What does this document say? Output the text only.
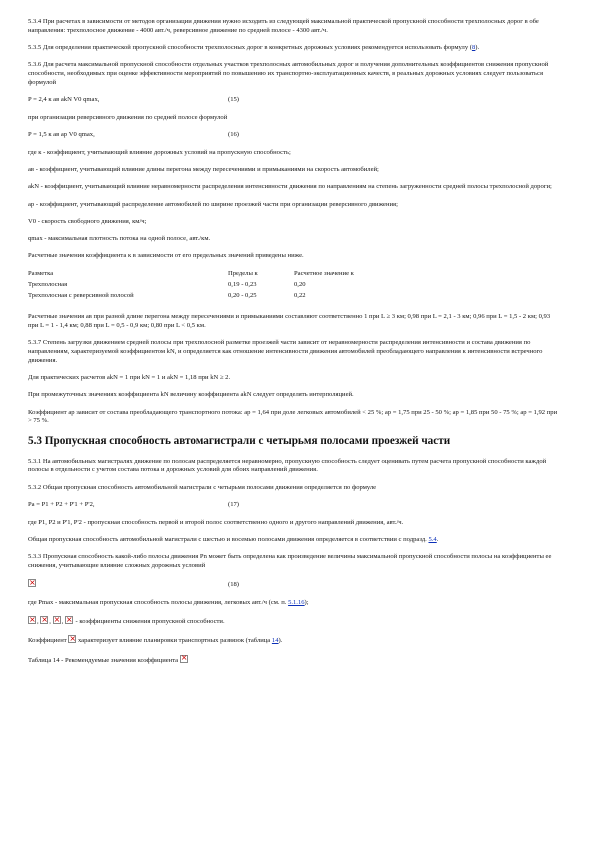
5.3.4 При расчетах в зависимости от методов организации движения нужно исходить из следующей максимальной практической пропускной способности трехполосных дорог в обе направления: трехполосное движение - 4000 авт./ч, реверсивное движение по средней полосе - 4300 авт./ч.

5.3.5 Для определения практической пропускной способности трехполосных дорог в конкретных дорожных условиях рекомендуется использовать формулу (8).

5.3.6 Для расчета максимальной пропускной способности отдельных участков трехполосных автомобильных дорог и получения дополнительных коэффициентов снижения пропускной способности, необходимых при оценке эффективности мероприятий по повышению их транспортно-эксплуатационных качеств, в реальных дорожных условиях следует пользоваться формулой

P = 2,4 к ав аkN V0 qmax,	(15)

при организации реверсивного движения по средней полосе формулой

P = 1,5 к ав ар V0 qmax,	(16)

где к - коэффициент, учитывающий влияние дорожных условий на пропускную способность;

ав - коэффициент, учитывающий влияние длины перегона между пересечениями и примыканиями на скорость автомобилей;

аkN - коэффициент, учитывающий влияние неравномерности распределения интенсивности движения по направлениям на степень загруженности средней полосы трехполосной дороги;

ар - коэффициент, учитывающий распределение автомобилей по ширине проезжей части при организации реверсивного движения;

V0 - скорость свободного движения, км/ч;

qmax - максимальная плотность потока на одной полосе, авт./км.

Расчетные значения коэффициента к в зависимости от его предельных значений приведены ниже.

Разметка	Пределы к	Расчетное значение к
Трехполосная	0,19 - 0,23	0,20
Трехполосная с реверсивной полосой	0,20 - 0,25	0,22

Расчетные значения ав при разной длине перегона между пересечениями и примыканиями составляют соответственно 1 при L ≥ 3 км; 0,98 при L = 2,1 - 3 км; 0,96 при L = 1,5 - 2 км; 0,93 при L = 1 - 1,4 км; 0,88 при L = 0,5 - 0,9 км; 0,80 при L < 0,5 км.

5.3.7 Степень загрузки движением средней полосы при трехполосной разметке проезжей части зависит от неравномерности распределения интенсивности и состава движения по направлениям, характеризуемой коэффициентом kN, и определяется как отношение интенсивности движения автомобилей преобладающего направления к интенсивности встречного движения.

Для практических расчетов аkN = 1 при kN = 1 и аkN = 1,18 при kN ≥ 2.

При промежуточных значениях коэффициента kN величину коэффициента аkN следует определять интерполяцией.

Коэффициент ар зависит от состава преобладающего транспортного потока: ар = 1,64 при доле легковых автомобилей < 25 %; ар = 1,75 при 25 - 50 %; ар = 1,85 при 50 - 75 %; ар = 1,92 при > 75 %.

5.3 Пропускная способность автомагистрали с четырьмя полосами проезжей части

5.3.1 На автомобильных магистралях движение по полосам распределяется неравномерно, пропускную способность следует оценивать путем расчета пропускной способности каждой полосы в отдельности с учетом состава потока и дорожных условий для обоих направлений движения.

5.3.2 Общая пропускная способность автомобильной магистрали с четырьмя полосами движения определяется по формуле

Pa = P1 + P2 + P'1 + P'2,	(17)

где P1, P2 и P'1, P'2 - пропускная способность первой и второй полос соответственно одного и другого направлений движения, авт./ч.

Общая пропускная способность автомобильной магистрали с шестью и восемью полосами движения определяется в соответствии с подразд. 5.4.

5.3.3 Пропускная способность какой-либо полосы движения Pn может быть определена как произведение величины максимальной пропускной способности полосы на коэффициенты ее снижения, учитывающие влияние сложных дорожных условий

×(18)

где Pmax - максимальная пропускная способность полосы движения, легковых авт./ч (см. п. 5.1.16);

×, ×, ×, × - коэффициенты снижения пропускной способности.

Коэффициент × характеризует влияние планировки транспортных развязок (таблица 14).

Таблица 14 - Рекомендуемые значения коэффициента ×
